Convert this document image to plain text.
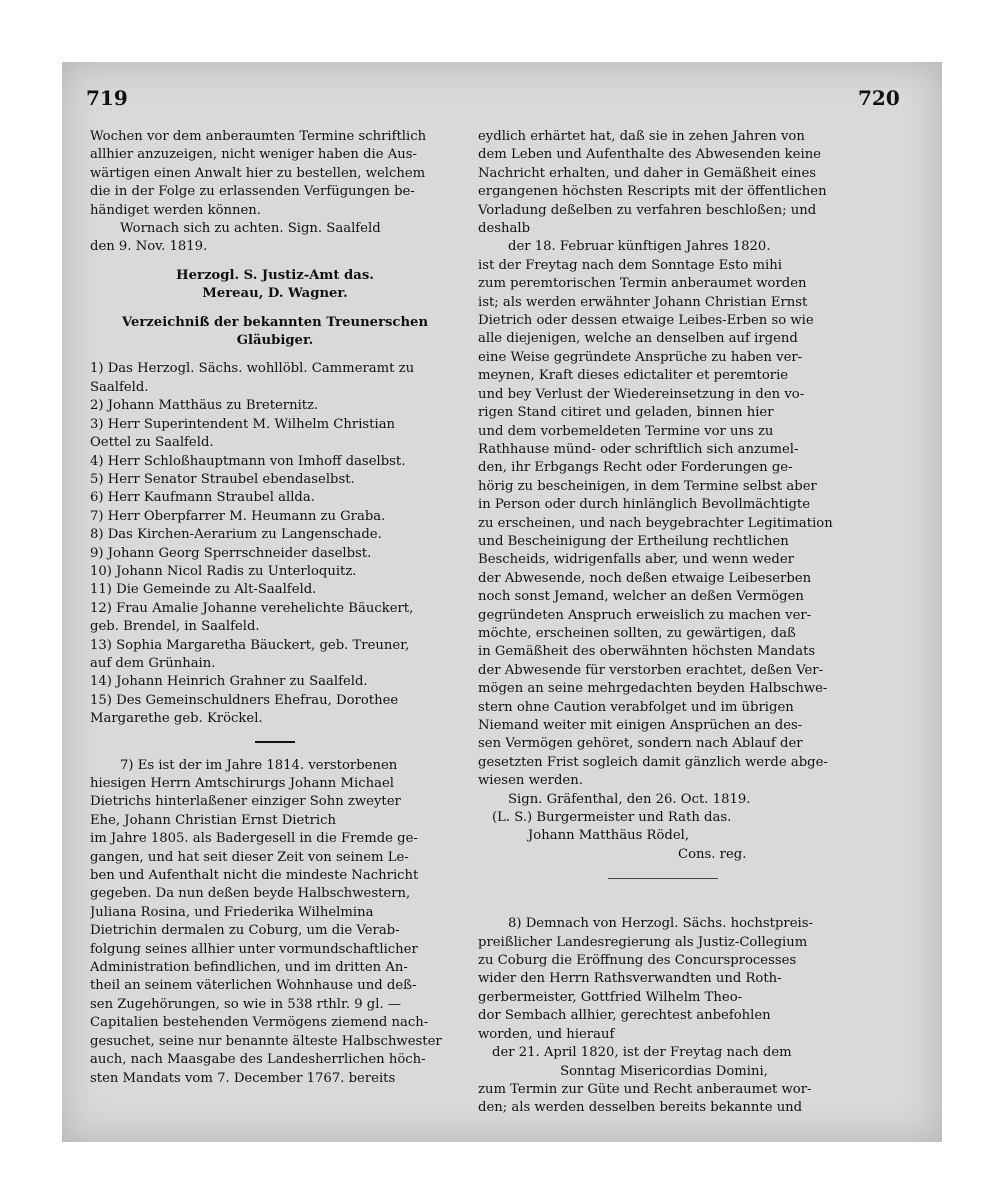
719	720
Wochen vor dem anberaumten Termine schriftlich
allhier anzuzeigen, nicht weniger haben die Aus-
wärtigen einen Anwalt hier zu bestellen, welchem
die in der Folge zu erlassenden Verfügungen be-
händiget werden können.
Wornach sich zu achten. Sign. Saalfeld
den 9. Nov. 1819.
Herzogl. S. Justiz-Amt das.
Mereau, D. Wagner.
Verzeichniß der bekannten Treunerschen
Gläubiger.
1) Das Herzogl. Sächs. wohllöbl. Cammeramt zu
Saalfeld.
2) Johann Matthäus zu Breternitz.
3) Herr Superintendent M. Wilhelm Christian
Oettel zu Saalfeld.
4) Herr Schloßhauptmann von Imhoff daselbst.
5) Herr Senator Straubel ebendaselbst.
6) Herr Kaufmann Straubel allda.
7) Herr Oberpfarrer M. Heumann zu Graba.
8) Das Kirchen-Aerarium zu Langenschade.
9) Johann Georg Sperrschneider daselbst.
10) Johann Nicol Radis zu Unterloquitz.
11) Die Gemeinde zu Alt-Saalfeld.
12) Frau Amalie Johanne verehelichte Bäuckert,
geb. Brendel, in Saalfeld.
13) Sophia Margaretha Bäuckert, geb. Treuner,
auf dem Grünhain.
14) Johann Heinrich Grahner zu Saalfeld.
15) Des Gemeinschuldners Ehefrau, Dorothee
Margarethe geb. Kröckel.
7) Es ist der im Jahre 1814. verstorbenen
hiesigen Herrn Amtschirurgs Johann Michael
Dietrichs hinterlaßener einziger Sohn zweyter
Ehe, Johann Christian Ernst Dietrich
im Jahre 1805. als Badergesell in die Fremde ge-
gangen, und hat seit dieser Zeit von seinem Le-
ben und Aufenthalt nicht die mindeste Nachricht
gegeben. Da nun deßen beyde Halbschwestern,
Juliana Rosina, und Friederika Wilhelmina
Dietrichin dermalen zu Coburg, um die Verab-
folgung seines allhier unter vormundschaftlicher
Administration befindlichen, und im dritten An-
theil an seinem väterlichen Wohnhause und deß-
sen Zugehörungen, so wie in 538 rthlr. 9 gl. —
Capitalien bestehenden Vermögens ziemend nach-
gesuchet, seine nur benannte älteste Halbschwester
auch, nach Maasgabe des Landesherrlichen höch-
sten Mandats vom 7. December 1767. bereits
eydlich erhärtet hat, daß sie in zehen Jahren von
dem Leben und Aufenthalte des Abwesenden keine
Nachricht erhalten, und daher in Gemäßheit eines
ergangenen höchsten Rescripts mit der öffentlichen
Vorladung deßelben zu verfahren beschloßen; und
deshalb
der 18. Februar künftigen Jahres 1820.
ist der Freytag nach dem Sonntage Esto mihi
zum peremtorischen Termin anberaumet worden
ist; als werden erwähnter Johann Christian Ernst
Dietrich oder dessen etwaige Leibes-Erben so wie
alle diejenigen, welche an denselben auf irgend
eine Weise gegründete Ansprüche zu haben ver-
meynen, Kraft dieses edictaliter et peremtorie
und bey Verlust der Wiedereinsetzung in den vo-
rigen Stand citiret und geladen, binnen hier
und dem vorbemeldeten Termine vor uns zu
Rathhause münd- oder schriftlich sich anzumel-
den, ihr Erbgangs Recht oder Forderungen ge-
hörig zu bescheinigen, in dem Termine selbst aber
in Person oder durch hinlänglich Bevollmächtigte
zu erscheinen, und nach beygebrachter Legitimation
und Bescheinigung der Ertheilung rechtlichen
Bescheids, widrigenfalls aber, und wenn weder
der Abwesende, noch deßen etwaige Leibeserben
noch sonst Jemand, welcher an deßen Vermögen
gegründeten Anspruch erweislich zu machen ver-
möchte, erscheinen sollten, zu gewärtigen, daß
in Gemäßheit des oberwähnten höchsten Mandats
der Abwesende für verstorben erachtet, deßen Ver-
mögen an seine mehrgedachten beyden Halbschwe-
stern ohne Caution verabfolget und im übrigen
Niemand weiter mit einigen Ansprüchen an des-
sen Vermögen gehöret, sondern nach Ablauf der
gesetzten Frist sogleich damit gänzlich werde abge-
wiesen werden.
Sign. Gräfenthal, den 26. Oct. 1819.
(L. S.) Burgermeister und Rath das.
Johann Matthäus Rödel,
Cons. reg.
8) Demnach von Herzogl. Sächs. hochstpreis-
preißlicher Landesregierung als Justiz-Collegium
zu Coburg die Eröffnung des Concursprocesses
wider den Herrn Rathsverwandten und Roth-
gerbermeister, Gottfried Wilhelm Theo-
dor Sembach allhier, gerechtest anbefohlen
worden, und hierauf
der 21. April 1820, ist der Freytag nach dem
Sonntag Misericordias Domini,
zum Termin zur Güte und Recht anberaumet wor-
den; als werden desselben bereits bekannte und
